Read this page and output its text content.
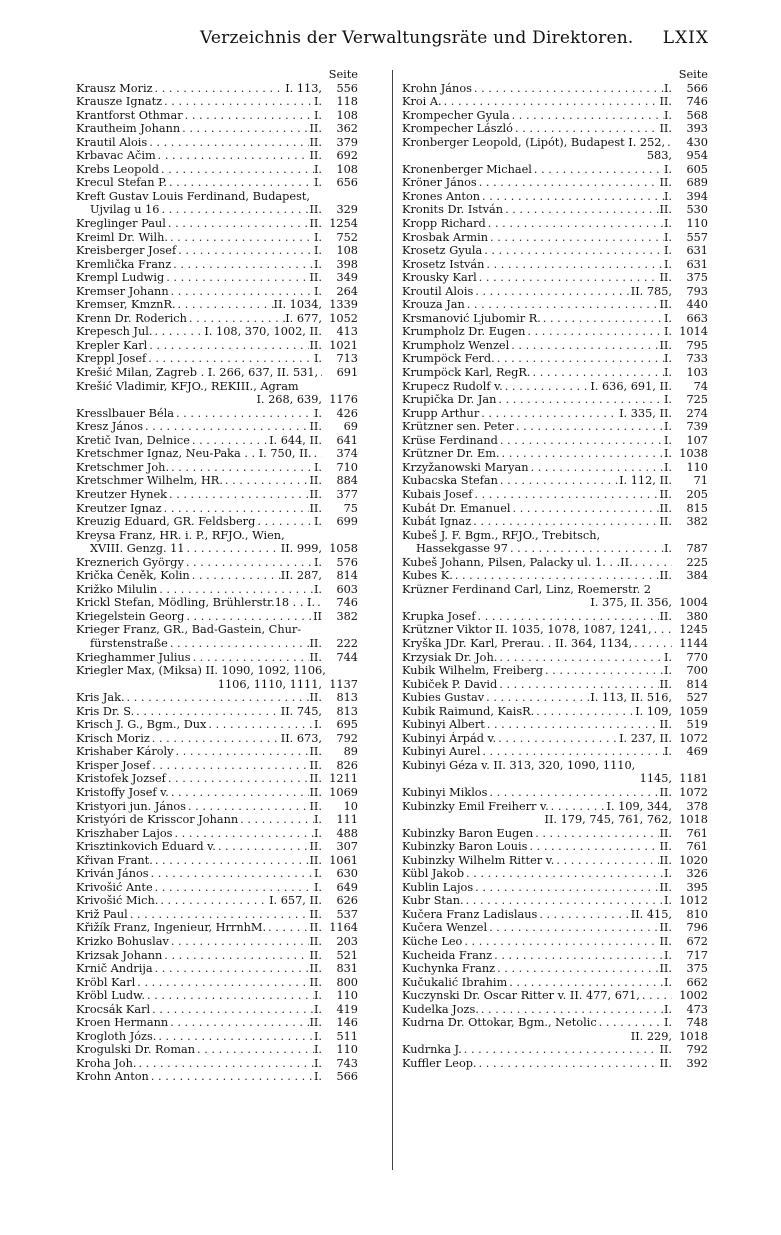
Verzeichnis der Verwaltungsräte und Direktoren. LXIX
Seite
Krausz Moriz . . .	I. 113,	556
Krausze Ignatz . . .	I.	118
Krantforst Othmar . . .	I.	108
Krautheim Johann . . .	II.	362
Krautil Alois . . .	II.	379
Krbavac Ačim . . .	II.	692
Krebs Leopold . . .	I.	108
Krecul Stefan P. . . .	I.	656
Kreft Gustav Louis Ferdinand, Budapest,
Ujvilag u 16 . . .	II.	329
Kreglinger Paul . . .	II. 1254
Kreiml Dr. Wilh. . . .	I.	752
Kreisberger Josef . . .	I.	108
Kremlička Franz . . .	I.	398
Krempl Ludwig . . .	II.	349
Kremser Johann . . .	I.	264
Kremser, KmznR. . . .	II. 1034, 1339
Krenn Dr. Roderich . . .	I. 677, 1052
Krepesch Jul. . . .	I. 108, 370, 1002, II.	413
Krepler Karl . . .	II. 1021
Kreppl Josef . . .	I.	713
Krešić Milan, Zagreb . I. 266, 637, II. 531, . . .	691
Krešić Vladimir, KFJO., REKIII., Agram
I. 268, 639, 1176
Kresslbauer Béla . . .	I.	426
Kresz János . . .	II.	69
Kretič Ivan, Delnice . . .	I. 644, II.	641
Kretschmer Ignaz, Neu-Paka . . I. 750, II. . . .	374
Kretschmer Joh. . . .	I.	710
Kretschmer Wilhelm, HR. . . .	II.	884
Kreutzer Hynek . . .	II.	377
Kreutzer Ignaz . . .	II.	75
Kreuzig Eduard, GR. Feldsberg . . .	I.	699
Kreysa Franz, HR. i. P., RFJO., Wien,
XVIII. Genzg. 11 . . .	II. 999, 1058
Kreznerich György . . .	I.	576
Krička Čeněk, Kolin . . .	II. 287,	814
Križko Milulin . . .	I.	603
Krickl Stefan, Mödling, Brühlerstr.18 . . I. . . .	746
Kriegelstein Georg . . .	II	382
Krieger Franz, GR., Bad-Gastein, Chur-
fürstenstraße . . .	II.	222
Krieghammer Julius . . .	II.	744
Kriegler Max, (Miksa) II. 1090, 1092, 1106,
1106, 1110, 1111, 1137
Kris Jak. . . .	II.	813
Kris Dr. S. . . .	II. 745,	813
Krisch J. G., Bgm., Dux . . .	I.	695
Krisch Moriz . . .	II. 673,	792
Krishaber Károly . . .	II.	89
Krisper Josef . . .	II.	826
Kristofek Jozsef . . .	II. 1211
Kristoffy Josef v. . . .	II. 1069
Kristyori jun. János . . .	II.	10
Kristyóri de Krisscor Johann . . .	I.	111
Kriszhaber Lajos . . .	I.	488
Krisztinkovich Eduard v. . . .	II.	307
Křivan Frant. . . .	II. 1061
Kriván János . . .	I.	630
Krivošić Ante . . .	I.	649
Krivošić Mich. . . .	I. 657, II.	626
Križ Paul . . .	II.	537
Křižík Franz, Ingenieur, HrrnhM. . . .	II. 1164
Krizko Bohuslav . . .	II.	203
Krizsak Johann . . .	II.	521
Krnič Andrija . . .	II.	831
Kröbl Karl . . .	II.	800
Kröbl Ludw. . . .	I.	110
Krocsák Karl . . .	I.	419
Kroen Hermann . . .	II.	146
Krogloth Józs. . . .	I.	511
Krogulski Dr. Roman . . .	I.	110
Kroha Joh. . . .	I.	743
Krohn Anton . . .	I.	566
Seite
Krohn János . . .	I.	566
Kroi A. . . .	II.	746
Krompecher Gyula . . .	I.	568
Krompecher László . . .	II.	393
Kronberger Leopold, (Lipót), Budapest I. 252, . . .	430
583, 954
Kronenberger Michael . . .	I.	605
Kröner János . . .	II.	689
Krones Anton . . .	I.	394
Kronits Dr. István . . .	II.	530
Kropp Richard . . .	I.	110
Krosbak Armin . . .	I.	557
Krosetz Gyula . . .	I.	631
Krosetz István . . .	I.	631
Krousky Karl . . .	II.	375
Kroutil Alois . . .	II. 785,	793
Krouza Jan . . .	II.	440
Krsmanović Ljubomir R. . . .	I.	663
Krumpholz Dr. Eugen . . .	I. 1014
Krumpholz Wenzel . . .	II.	795
Krumpöck Ferd. . . .	I.	733
Krumpöck Karl, RegR. . . .	I.	103
Krupecz Rudolf v. . . .	I. 636, 691, II.	74
Krupička Dr. Jan . . .	I.	725
Krupp Arthur . . .	I. 335, II.	274
Krützner sen. Peter . . .	I.	739
Krüse Ferdinand . . .	I.	107
Krützner Dr. Em. . . .	I. 1038
Krzyžanowski Maryan . . .	I.	110
Kubacska Stefan . . .	I. 112, II.	71
Kubais Josef . . .	II.	205
Kubát Dr. Emanuel . . .	II.	815
Kubát Ignaz . . .	II.	382
Kubeš J. F. Bgm., RFJO., Trebitsch,
Hassekgasse 97 . . .	I.	787
Kubeš Johann, Pilsen, Palacky ul. 1. . .II. . . .	225
Kubes K. . . .	II.	384
Krüzner Ferdinand Carl, Linz, Roemerstr. 2
I. 375, II. 356, 1004
Krupka Josef . . .	II.	380
Krützner Viktor II. 1035, 1078, 1087, 1241, . . .	1245
Kryška JDr. Karl, Prerau. . II. 364, 1134, . . .	1144
Krzysiak Dr. Joh. . . .	I.	770
Kubik Wilhelm, Freiberg . . .	I.	700
Kubiček P. David . . .	II.	814
Kubies Gustav . . .	I. 113, II. 516,	527
Kubik Raimund, KaisR. . . .	I. 109, 1059
Kubinyi Albert . . .	II.	519
Kubinyi Árpád v. . . .	I. 237, II. 1072
Kubinyi Aurel . . .	I.	469
Kubinyi Géza v. II. 313, 320, 1090, 1110,
1145, 1181
Kubinyi Miklos . . .	II. 1072
Kubinzky Emil Freiherr v. . . .	I. 109, 344,	378
II. 179, 745, 761, 762, 1018
Kubinzky Baron Eugen . . .	II.	761
Kubinzky Baron Louis . . .	II.	761
Kubinzky Wilhelm Ritter v. . . .	II. 1020
Kübl Jakob . . .	I.	326
Kublin Lajos . . .	II.	395
Kubr Stan. . . .	I. 1012
Kučera Franz Ladislaus . . .	II. 415,	810
Kučera Wenzel . . .	II.	796
Küche Leo . . .	II.	672
Kucheida Franz . . .	I.	717
Kuchynka Franz . . .	II.	375
Kučukalić Ibrahim . . .	I.	662
Kuczynski Dr. Oscar Ritter v. II. 477, 671, . . .	1002
Kudelka Jozs. . . .	I.	473
Kudrna Dr. Ottokar, Bgm., Netolic . . .	I.	748
II. 229, 1018
Kudrnka J. . . .	II.	792
Kuffler Leop. . . .	II.	392
